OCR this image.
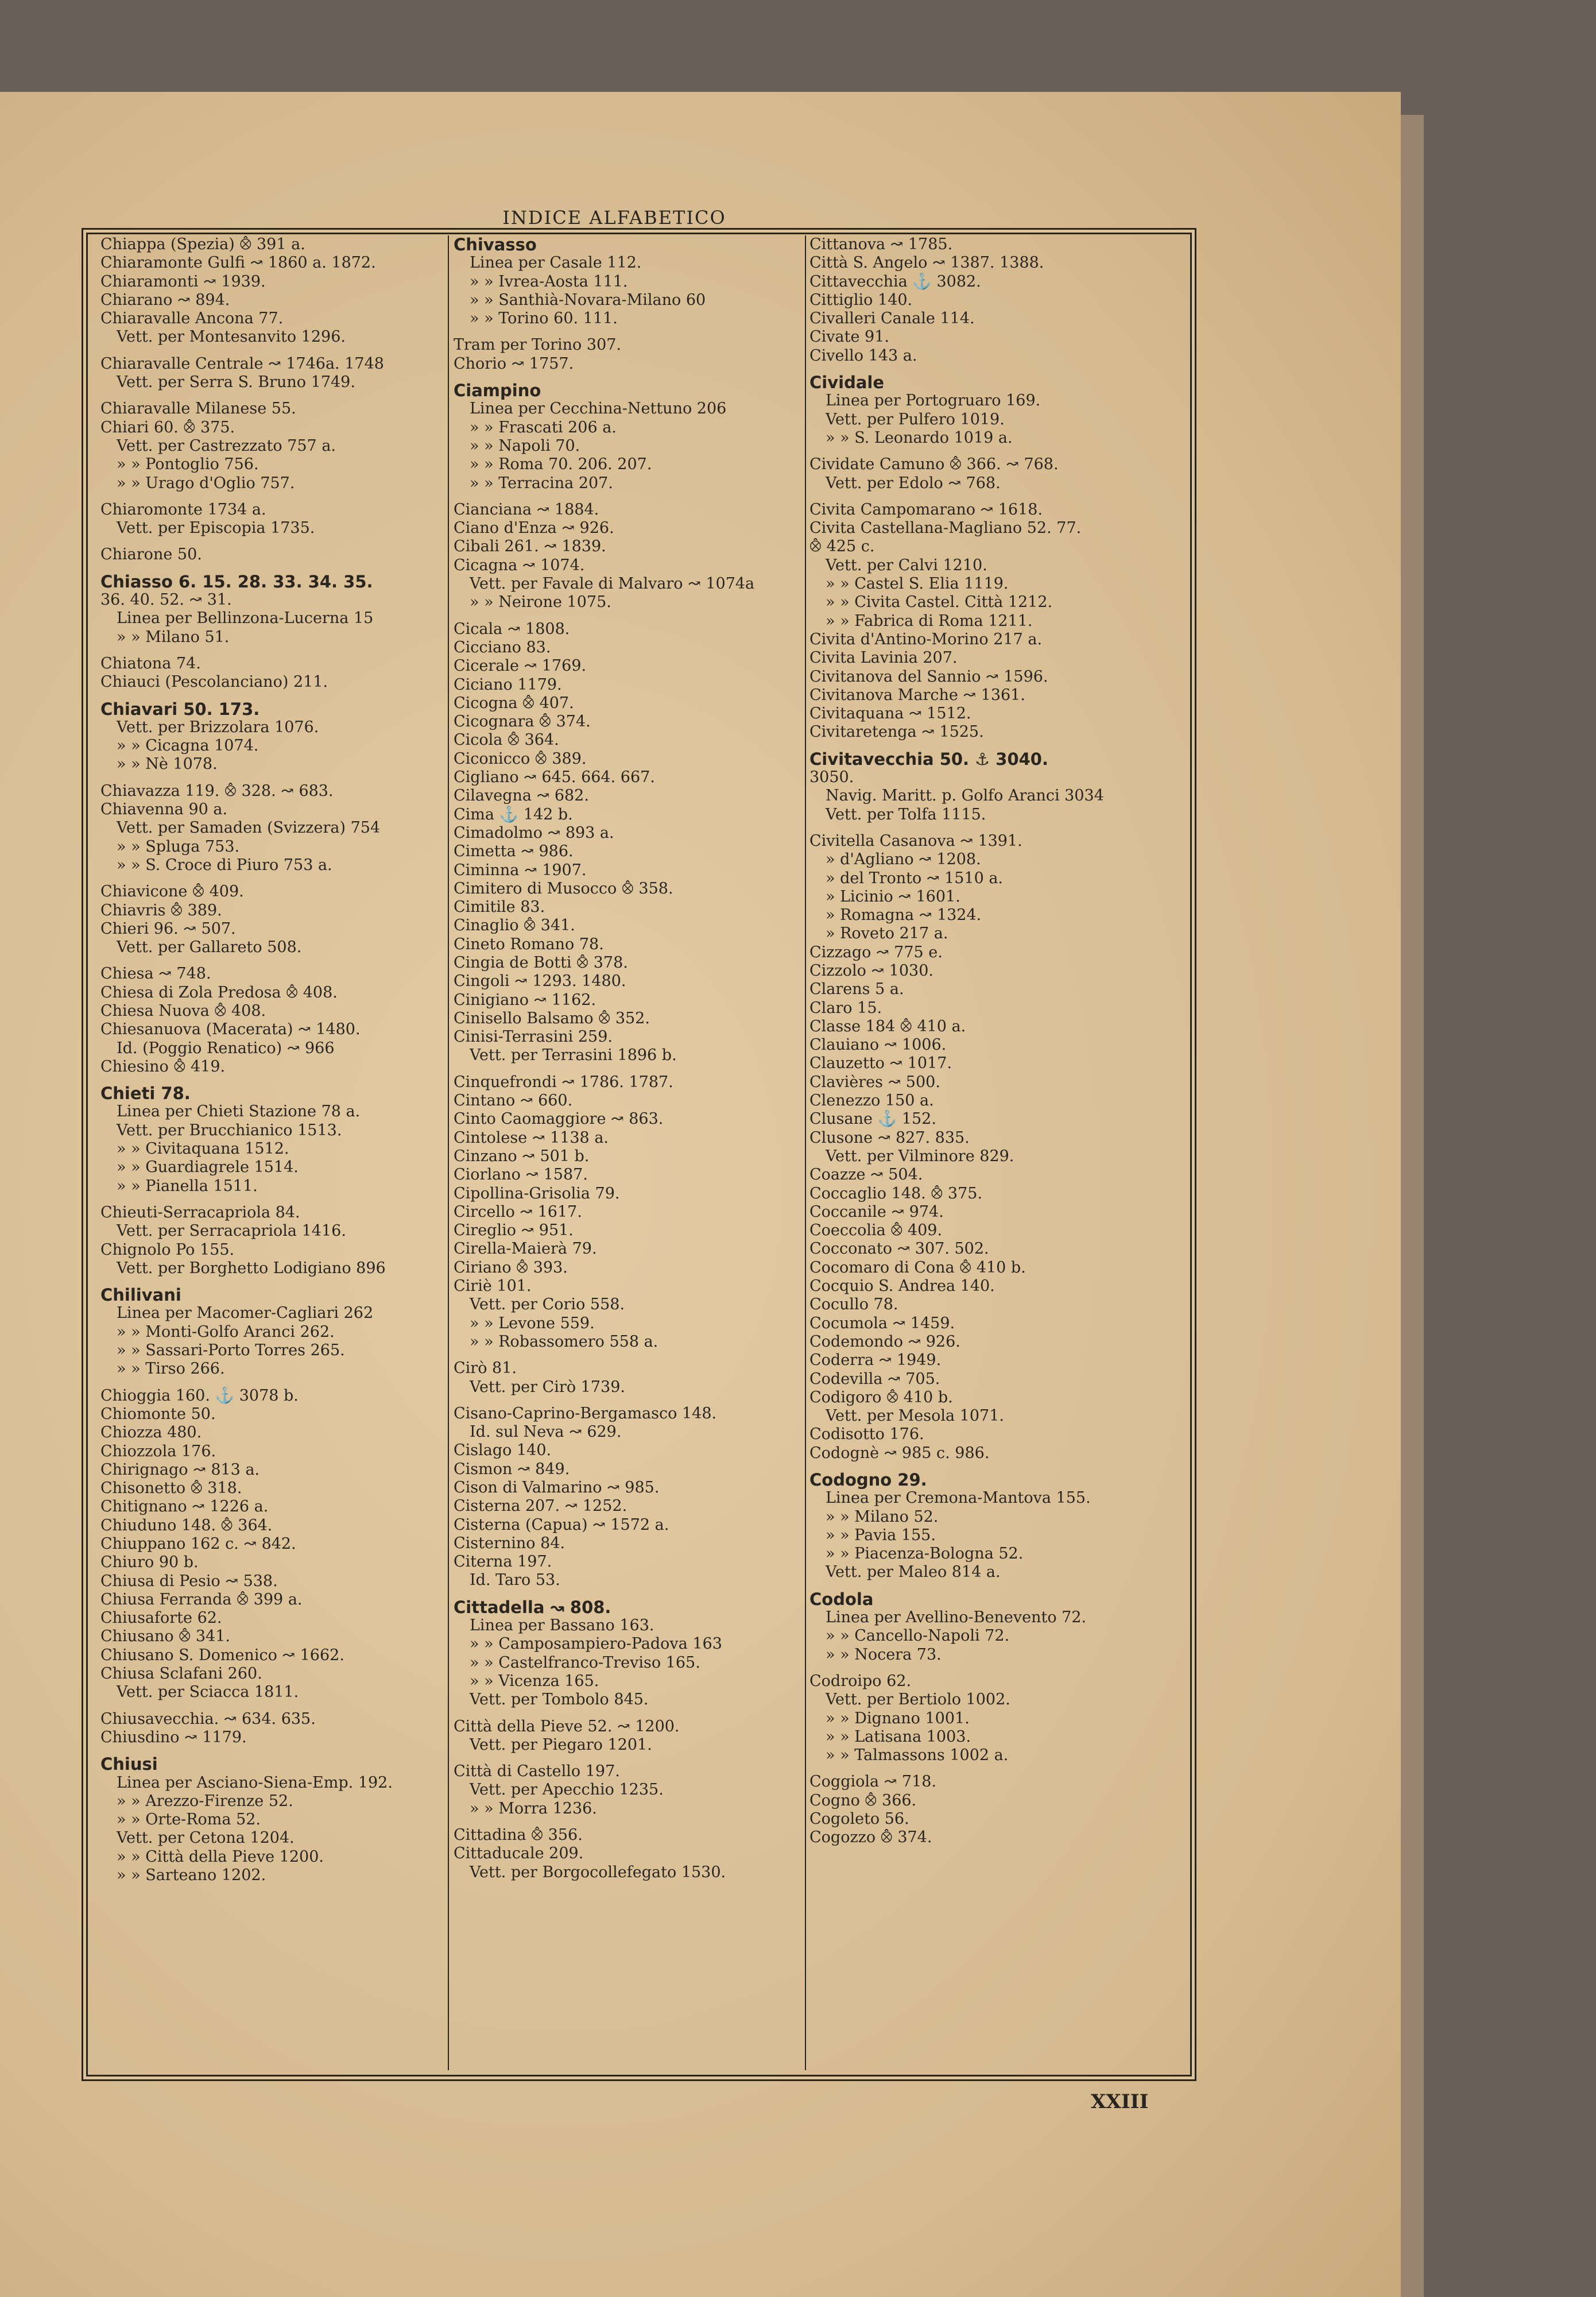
INDICE ALFABETICO
Chiappa (Spezia) ⨶ 391 a.
Chiaramonte Gulfi ↝ 1860 a. 1872.
Chiaramonti ↝ 1939.
Chiarano ↝ 894.
Chiaravalle Ancona 77.
Vett. per Montesanvito 1296.
Chiaravalle Centrale ↝ 1746a. 1748
Vett. per Serra S. Bruno 1749.
Chiaravalle Milanese 55.
Chiari 60. ⨶ 375.
Vett. per Castrezzato 757 a.
» » Pontoglio 756.
» » Urago d'Oglio 757.
Chiaromonte 1734 a.
Vett. per Episcopia 1735.
Chiarone 50.
Chiasso 6. 15. 28. 33. 34. 35.
36. 40. 52. ↝ 31.
Linea per Bellinzona-Lucerna 15
» » Milano 51.
Chiatona 74.
Chiauci (Pescolanciano) 211.
Chiavari 50. 173.
Vett. per Brizzolara 1076.
» » Cicagna 1074.
» » Nè 1078.
Chiavazza 119. ⨶ 328. ↝ 683.
Chiavenna 90 a.
Vett. per Samaden (Svizzera) 754
» » Spluga 753.
» » S. Croce di Piuro 753 a.
Chiavicone ⨶ 409.
Chiavris ⨶ 389.
Chieri 96. ↝ 507.
Vett. per Gallareto 508.
Chiesa ↝ 748.
Chiesa di Zola Predosa ⨶ 408.
Chiesa Nuova ⨶ 408.
Chiesanuova (Macerata) ↝ 1480.
Id. (Poggio Renatico) ↝ 966
Chiesino ⨶ 419.
Chieti 78.
Linea per Chieti Stazione 78 a.
Vett. per Brucchianico 1513.
» » Civitaquana 1512.
» » Guardiagrele 1514.
» » Pianella 1511.
Chieuti-Serracapriola 84.
Vett. per Serracapriola 1416.
Chignolo Po 155.
Vett. per Borghetto Lodigiano 896
Chilivani
Linea per Macomer-Cagliari 262
» » Monti-Golfo Aranci 262.
» » Sassari-Porto Torres 265.
» » Tirso 266.
Chioggia 160. ⚓ 3078 b.
Chiomonte 50.
Chiozza 480.
Chiozzola 176.
Chirignago ↝ 813 a.
Chisonetto ⨶ 318.
Chitignano ↝ 1226 a.
Chiuduno 148. ⨶ 364.
Chiuppano 162 c. ↝ 842.
Chiuro 90 b.
Chiusa di Pesio ↝ 538.
Chiusa Ferranda ⨶ 399 a.
Chiusaforte 62.
Chiusano ⨶ 341.
Chiusano S. Domenico ↝ 1662.
Chiusa Sclafani 260.
Vett. per Sciacca 1811.
Chiusavecchia. ↝ 634. 635.
Chiusdino ↝ 1179.
Chiusi
Linea per Asciano-Siena-Emp. 192.
» » Arezzo-Firenze 52.
» » Orte-Roma 52.
Vett. per Cetona 1204.
» » Città della Pieve 1200.
» » Sarteano 1202.
Chivasso
Linea per Casale 112.
» » Ivrea-Aosta 111.
» » Santhià-Novara-Milano 60
» » Torino 60. 111.
Tram per Torino 307.
Chorio ↝ 1757.
Ciampino
Linea per Cecchina-Nettuno 206
» » Frascati 206 a.
» » Napoli 70.
» » Roma 70. 206. 207.
» » Terracina 207.
Cianciana ↝ 1884.
Ciano d'Enza ↝ 926.
Cibali 261. ↝ 1839.
Cicagna ↝ 1074.
Vett. per Favale di Malvaro ↝ 1074a
» » Neirone 1075.
Cicala ↝ 1808.
Cicciano 83.
Cicerale ↝ 1769.
Ciciano 1179.
Cicogna ⨶ 407.
Cicognara ⨶ 374.
Cicola ⨶ 364.
Ciconicco ⨶ 389.
Cigliano ↝ 645. 664. 667.
Cilavegna ↝ 682.
Cima ⚓ 142 b.
Cimadolmo ↝ 893 a.
Cimetta ↝ 986.
Ciminna ↝ 1907.
Cimitero di Musocco ⨶ 358.
Cimitile 83.
Cinaglio ⨶ 341.
Cineto Romano 78.
Cingia de Botti ⨶ 378.
Cingoli ↝ 1293. 1480.
Cinigiano ↝ 1162.
Cinisello Balsamo ⨶ 352.
Cinisi-Terrasini 259.
Vett. per Terrasini 1896 b.
Cinquefrondi ↝ 1786. 1787.
Cintano ↝ 660.
Cinto Caomaggiore ↝ 863.
Cintolese ↝ 1138 a.
Cinzano ↝ 501 b.
Ciorlano ↝ 1587.
Cipollina-Grisolia 79.
Circello ↝ 1617.
Cireglio ↝ 951.
Cirella-Maierà 79.
Ciriano ⨶ 393.
Ciriè 101.
Vett. per Corio 558.
» » Levone 559.
» » Robassomero 558 a.
Cirò 81.
Vett. per Cirò 1739.
Cisano-Caprino-Bergamasco 148.
Id. sul Neva ↝ 629.
Cislago 140.
Cismon ↝ 849.
Cison di Valmarino ↝ 985.
Cisterna 207. ↝ 1252.
Cisterna (Capua) ↝ 1572 a.
Cisternino 84.
Citerna 197.
Id. Taro 53.
Cittadella ↝ 808.
Linea per Bassano 163.
» » Camposampiero-Padova 163
» » Castelfranco-Treviso 165.
» » Vicenza 165.
Vett. per Tombolo 845.
Città della Pieve 52. ↝ 1200.
Vett. per Piegaro 1201.
Città di Castello 197.
Vett. per Apecchio 1235.
» » Morra 1236.
Cittadina ⨶ 356.
Cittaducale 209.
Vett. per Borgocollefegato 1530.
Cittanova ↝ 1785.
Città S. Angelo ↝ 1387. 1388.
Cittavecchia ⚓ 3082.
Cittiglio 140.
Civalleri Canale 114.
Civate 91.
Civello 143 a.
Cividale
Linea per Portogruaro 169.
Vett. per Pulfero 1019.
» » S. Leonardo 1019 a.
Cividate Camuno ⨶ 366. ↝ 768.
Vett. per Edolo ↝ 768.
Civita Campomarano ↝ 1618.
Civita Castellana-Magliano 52. 77.
⨶ 425 c.
Vett. per Calvi 1210.
» » Castel S. Elia 1119.
» » Civita Castel. Città 1212.
» » Fabrica di Roma 1211.
Civita d'Antino-Morino 217 a.
Civita Lavinia 207.
Civitanova del Sannio ↝ 1596.
Civitanova Marche ↝ 1361.
Civitaquana ↝ 1512.
Civitaretenga ↝ 1525.
Civitavecchia 50. ⚓ 3040.
3050.
Navig. Maritt. p. Golfo Aranci 3034
Vett. per Tolfa 1115.
Civitella Casanova ↝ 1391.
» d'Agliano ↝ 1208.
» del Tronto ↝ 1510 a.
» Licinio ↝ 1601.
» Romagna ↝ 1324.
» Roveto 217 a.
Cizzago ↝ 775 e.
Cizzolo ↝ 1030.
Clarens 5 a.
Claro 15.
Classe 184 ⨶ 410 a.
Clauiano ↝ 1006.
Clauzetto ↝ 1017.
Clavières ↝ 500.
Clenezzo 150 a.
Clusane ⚓ 152.
Clusone ↝ 827. 835.
Vett. per Vilminore 829.
Coazze ↝ 504.
Coccaglio 148. ⨶ 375.
Coccanile ↝ 974.
Coeccolia ⨶ 409.
Cocconato ↝ 307. 502.
Cocomaro di Cona ⨶ 410 b.
Cocquio S. Andrea 140.
Cocullo 78.
Cocumola ↝ 1459.
Codemondo ↝ 926.
Coderra ↝ 1949.
Codevilla ↝ 705.
Codigoro ⨶ 410 b.
Vett. per Mesola 1071.
Codisotto 176.
Codognè ↝ 985 c. 986.
Codogno 29.
Linea per Cremona-Mantova 155.
» » Milano 52.
» » Pavia 155.
» » Piacenza-Bologna 52.
Vett. per Maleo 814 a.
Codola
Linea per Avellino-Benevento 72.
» » Cancello-Napoli 72.
» » Nocera 73.
Codroipo 62.
Vett. per Bertiolo 1002.
» » Dignano 1001.
» » Latisana 1003.
» » Talmassons 1002 a.
Coggiola ↝ 718.
Cogno ⨶ 366.
Cogoleto 56.
Cogozzo ⨶ 374.
XXIII
